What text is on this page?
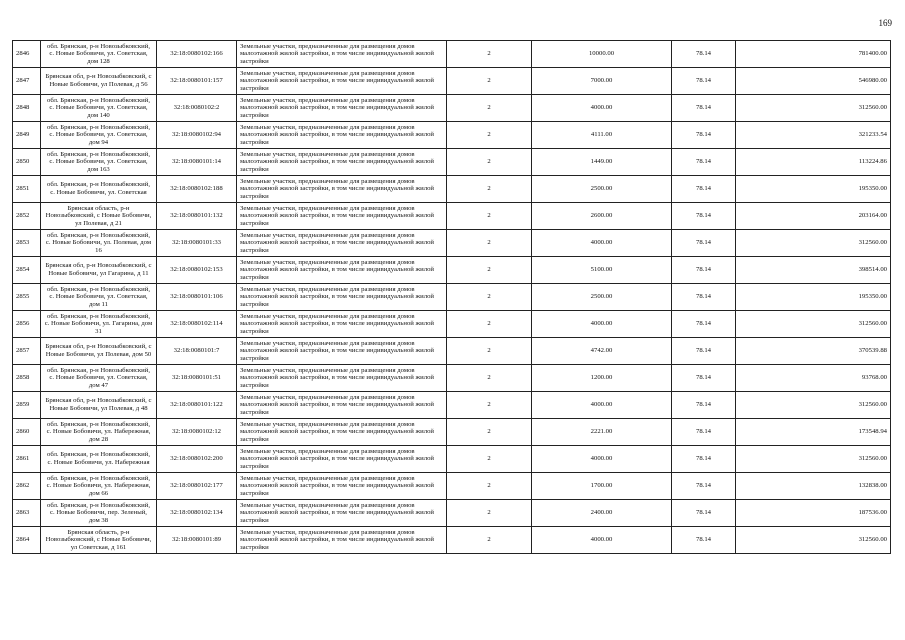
169
2846	обл. Брянская, р-н Новозыбковский, с. Новые Бобовичи, ул. Советская, дом 128	32:18:0080102:166	Земельные участки, предназначенные для размещения домов малоэтажной жилой застройки, в том числе индивидуальной жилой застройки	2	10000.00	78.14	781400.00
2847	Брянская обл, р-н Новозыбковский, с Новые Бобовичи, ул Полевая, д 56	32:18:0080101:157	Земельные участки, предназначенные для размещения домов малоэтажной жилой застройки, в том числе индивидуальной жилой застройки	2	7000.00	78.14	546980.00
2848	обл. Брянская, р-н Новозыбковский, с. Новые Бобовичи, ул. Советская, дом 140	32:18:0080102:2	Земельные участки, предназначенные для размещения домов малоэтажной жилой застройки, в том числе индивидуальной жилой застройки	2	4000.00	78.14	312560.00
2849	обл. Брянская, р-н Новозыбковский, с. Новые Бобовичи, ул. Советская, дом 94	32:18:0080102:94	Земельные участки, предназначенные для размещения домов малоэтажной жилой застройки, в том числе индивидуальной жилой застройки	2	4111.00	78.14	321233.54
2850	обл. Брянская, р-н Новозыбковский, с. Новые Бобовичи, ул. Советская, дом 163	32:18:0080101:14	Земельные участки, предназначенные для размещения домов малоэтажной жилой застройки, в том числе индивидуальной жилой застройки	2	1449.00	78.14	113224.86
2851	обл. Брянская, р-н Новозыбковский, с. Новые Бобовичи, ул. Советская	32:18:0080102:188	Земельные участки, предназначенные для размещения домов малоэтажной жилой застройки, в том числе индивидуальной жилой застройки	2	2500.00	78.14	195350.00
2852	Брянская область, р-н Новозыбковский, с Новые Бобовичи, ул Полевая, д 21	32:18:0080101:132	Земельные участки, предназначенные для размещения домов малоэтажной жилой застройки, в том числе индивидуальной жилой застройки	2	2600.00	78.14	203164.00
2853	обл. Брянская, р-н Новозыбковский, с. Новые Бобовичи, ул. Полевая, дом 16	32:18:0080101:33	Земельные участки, предназначенные для размещения домов малоэтажной жилой застройки, в том числе индивидуальной жилой застройки	2	4000.00	78.14	312560.00
2854	Брянская обл, р-н Новозыбковский, с Новые Бобовичи, ул Гагарина, д 11	32:18:0080102:153	Земельные участки, предназначенные для размещения домов малоэтажной жилой застройки, в том числе индивидуальной жилой застройки	2	5100.00	78.14	398514.00
2855	обл. Брянская, р-н Новозыбковский, с. Новые Бобовичи, ул. Советская, дом 11	32:18:0080101:106	Земельные участки, предназначенные для размещения домов малоэтажной жилой застройки, в том числе индивидуальной жилой застройки	2	2500.00	78.14	195350.00
2856	обл. Брянская, р-н Новозыбковский, с. Новые Бобовичи, ул. Гагарина, дом 31	32:18:0080102:114	Земельные участки, предназначенные для размещения домов малоэтажной жилой застройки, в том числе индивидуальной жилой застройки	2	4000.00	78.14	312560.00
2857	Брянская обл, р-н Новозыбковский, с Новые Бобовичи, ул Полевая, дом 50	32:18:0080101:7	Земельные участки, предназначенные для размещения домов малоэтажной жилой застройки, в том числе индивидуальной жилой застройки	2	4742.00	78.14	370539.88
2858	обл. Брянская, р-н Новозыбковский, с. Новые Бобовичи, ул. Советская, дом 47	32:18:0080101:51	Земельные участки, предназначенные для размещения домов малоэтажной жилой застройки, в том числе индивидуальной жилой застройки	2	1200.00	78.14	93768.00
2859	Брянская обл, р-н Новозыбковский, с Новые Бобовичи, ул Полевая, д 48	32:18:0080101:122	Земельные участки, предназначенные для размещения домов малоэтажной жилой застройки, в том числе индивидуальной жилой застройки	2	4000.00	78.14	312560.00
2860	обл. Брянская, р-н Новозыбковский, с. Новые Бобовичи, ул. Набережная, дом 28	32:18:0080102:12	Земельные участки, предназначенные для размещения домов малоэтажной жилой застройки, в том числе индивидуальной жилой застройки	2	2221.00	78.14	173548.94
2861	обл. Брянская, р-н Новозыбковский, с. Новые Бобовичи, ул. Набережная	32:18:0080102:200	Земельные участки, предназначенные для размещения домов малоэтажной жилой застройки, в том числе индивидуальной жилой застройки	2	4000.00	78.14	312560.00
2862	обл. Брянская, р-н Новозыбковский, с. Новые Бобовичи, ул. Набережная, дом 66	32:18:0080102:177	Земельные участки, предназначенные для размещения домов малоэтажной жилой застройки, в том числе индивидуальной жилой застройки	2	1700.00	78.14	132838.00
2863	обл. Брянская, р-н Новозыбковский, с. Новые Бобовичи, пер. Зеленый, дом 38	32:18:0080102:134	Земельные участки, предназначенные для размещения домов малоэтажной жилой застройки, в том числе индивидуальной жилой застройки	2	2400.00	78.14	187536.00
2864	Брянская область, р-н Новозыбковский, с Новые Бобовичи, ул Советская, д 161	32:18:0080101:89	Земельные участки, предназначенные для размещения домов малоэтажной жилой застройки, в том числе индивидуальной жилой застройки	2	4000.00	78.14	312560.00
